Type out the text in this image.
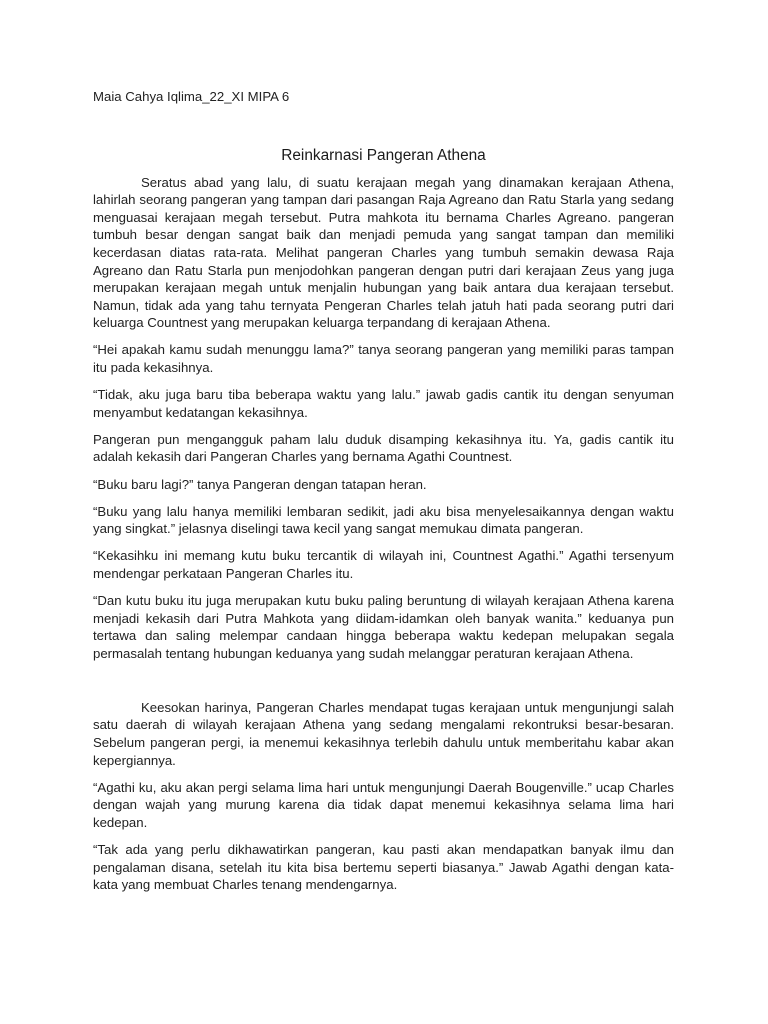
Maia Cahya Iqlima_22_XI MIPA 6

Reinkarnasi Pangeran Athena

Seratus abad yang lalu, di suatu kerajaan megah yang dinamakan kerajaan Athena, lahirlah seorang pangeran yang tampan dari pasangan Raja Agreano dan Ratu Starla yang sedang menguasai kerajaan megah tersebut. Putra mahkota itu bernama Charles Agreano. pangeran tumbuh besar dengan sangat baik dan menjadi pemuda yang sangat tampan dan memiliki kecerdasan diatas rata-rata. Melihat pangeran Charles yang tumbuh semakin dewasa Raja Agreano dan Ratu Starla pun menjodohkan pangeran dengan putri dari kerajaan Zeus yang juga merupakan kerajaan megah untuk menjalin hubungan yang baik antara dua kerajaan tersebut. Namun, tidak ada yang tahu ternyata Pengeran Charles telah jatuh hati pada seorang putri dari keluarga Countnest yang merupakan keluarga terpandang di kerajaan Athena.

“Hei apakah kamu sudah menunggu lama?” tanya seorang pangeran yang memiliki paras tampan itu pada kekasihnya.

“Tidak, aku juga baru tiba beberapa waktu yang lalu.” jawab gadis cantik itu dengan senyuman menyambut kedatangan kekasihnya.

Pangeran pun mengangguk paham lalu duduk disamping kekasihnya itu. Ya, gadis cantik itu adalah kekasih dari Pangeran Charles yang bernama Agathi Countnest.

“Buku baru lagi?” tanya Pangeran dengan tatapan heran.

“Buku yang lalu hanya memiliki lembaran sedikit, jadi aku bisa menyelesaikannya dengan waktu yang singkat.” jelasnya diselingi tawa kecil yang sangat memukau dimata pangeran.

“Kekasihku ini memang kutu buku tercantik di wilayah ini, Countnest Agathi.” Agathi tersenyum mendengar perkataan Pangeran Charles itu.

“Dan kutu buku itu juga merupakan kutu buku paling beruntung di wilayah kerajaan Athena karena menjadi kekasih dari Putra Mahkota yang diidam-idamkan oleh banyak wanita.” keduanya pun tertawa dan saling melempar candaan hingga beberapa waktu kedepan melupakan segala permasalah tentang hubungan keduanya yang sudah melanggar peraturan kerajaan Athena.

Keesokan harinya, Pangeran Charles mendapat tugas kerajaan untuk mengunjungi salah satu daerah di wilayah kerajaan Athena yang sedang mengalami rekontruksi besar-besaran. Sebelum pangeran pergi, ia menemui kekasihnya terlebih dahulu untuk memberitahu kabar akan kepergiannya.

“Agathi ku, aku akan pergi selama lima hari untuk mengunjungi Daerah Bougenville.” ucap Charles dengan wajah yang murung karena dia tidak dapat menemui kekasihnya selama lima hari kedepan.

“Tak ada yang perlu dikhawatirkan pangeran, kau pasti akan mendapatkan banyak ilmu dan pengalaman disana, setelah itu kita bisa bertemu seperti biasanya.” Jawab Agathi dengan kata-kata yang membuat Charles tenang mendengarnya.
